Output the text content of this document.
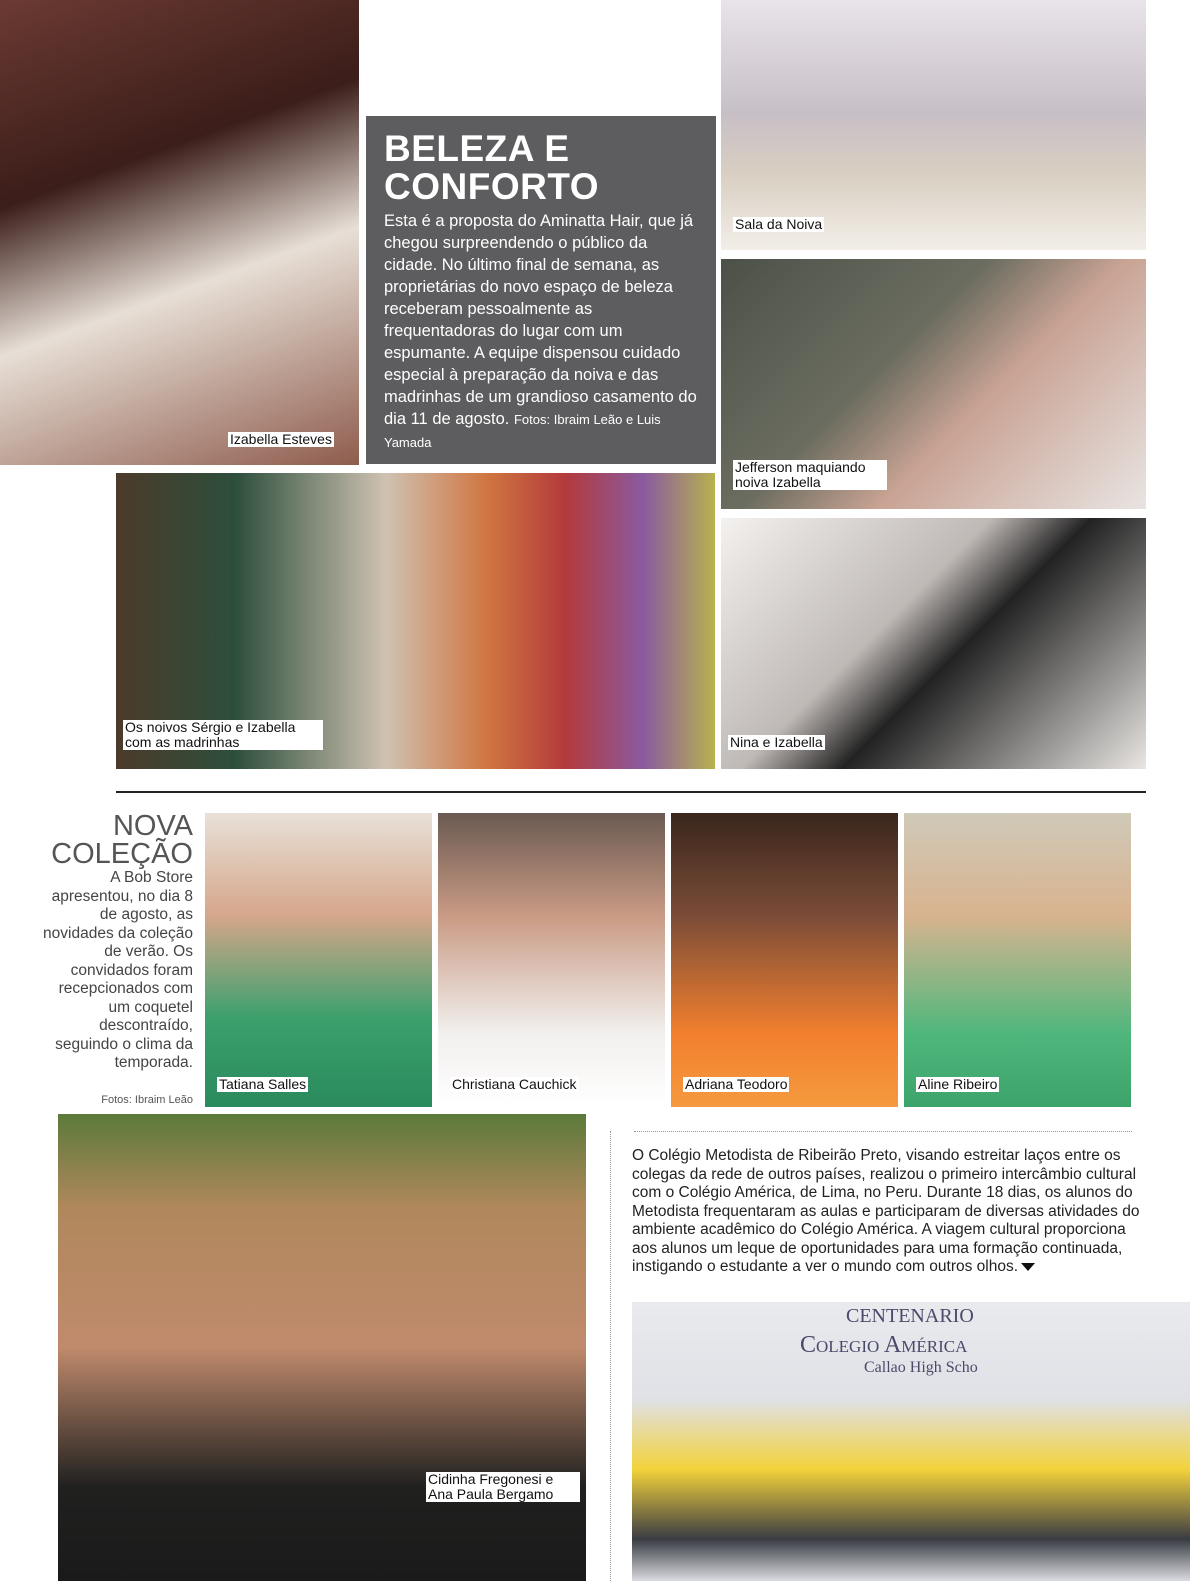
Izabella Esteves
BELEZA E CONFORTO

Esta é a proposta do Aminatta Hair, que já chegou surpreendendo o público da cidade. No último final de semana, as proprietárias do novo espaço de beleza receberam pessoalmente as frequentadoras do lugar com um espumante. A equipe dispensou cuidado especial à preparação da noiva e das madrinhas de um grandioso casamento do dia 11 de agosto. Fotos: Ibraim Leão e Luis Yamada

Sala da Noiva
Jefferson maquiando noiva Izabella
Os noivos Sérgio e Izabella com as madrinhas	Nina e Izabella
NOVA COLEÇÃO
A Bob Store apresentou, no dia 8 de agosto, as novidades da coleção de verão. Os convidados foram recepcionados com um coquetel descontraído, seguindo o clima da temporada.
Fotos: Ibraim Leão
Tatiana Salles	Christiana Cauchick	Adriana Teodoro	Aline Ribeiro
Cidinha Fregonesi e Ana Paula Bergamo
O Colégio Metodista de Ribeirão Preto, visando estreitar laços entre os colegas da rede de outros países, realizou o primeiro intercâmbio cultural com o Colégio América, de Lima, no Peru. Durante 18 dias, os alunos do Metodista frequentaram as aulas e participaram de diversas atividades do ambiente acadêmico do Colégio América. A viagem cultural proporciona aos alunos um leque de oportunidades para uma formação continuada, instigando o estudante a ver o mundo com outros olhos.
CENTENARIO
Colegio América
Callao High Scho
